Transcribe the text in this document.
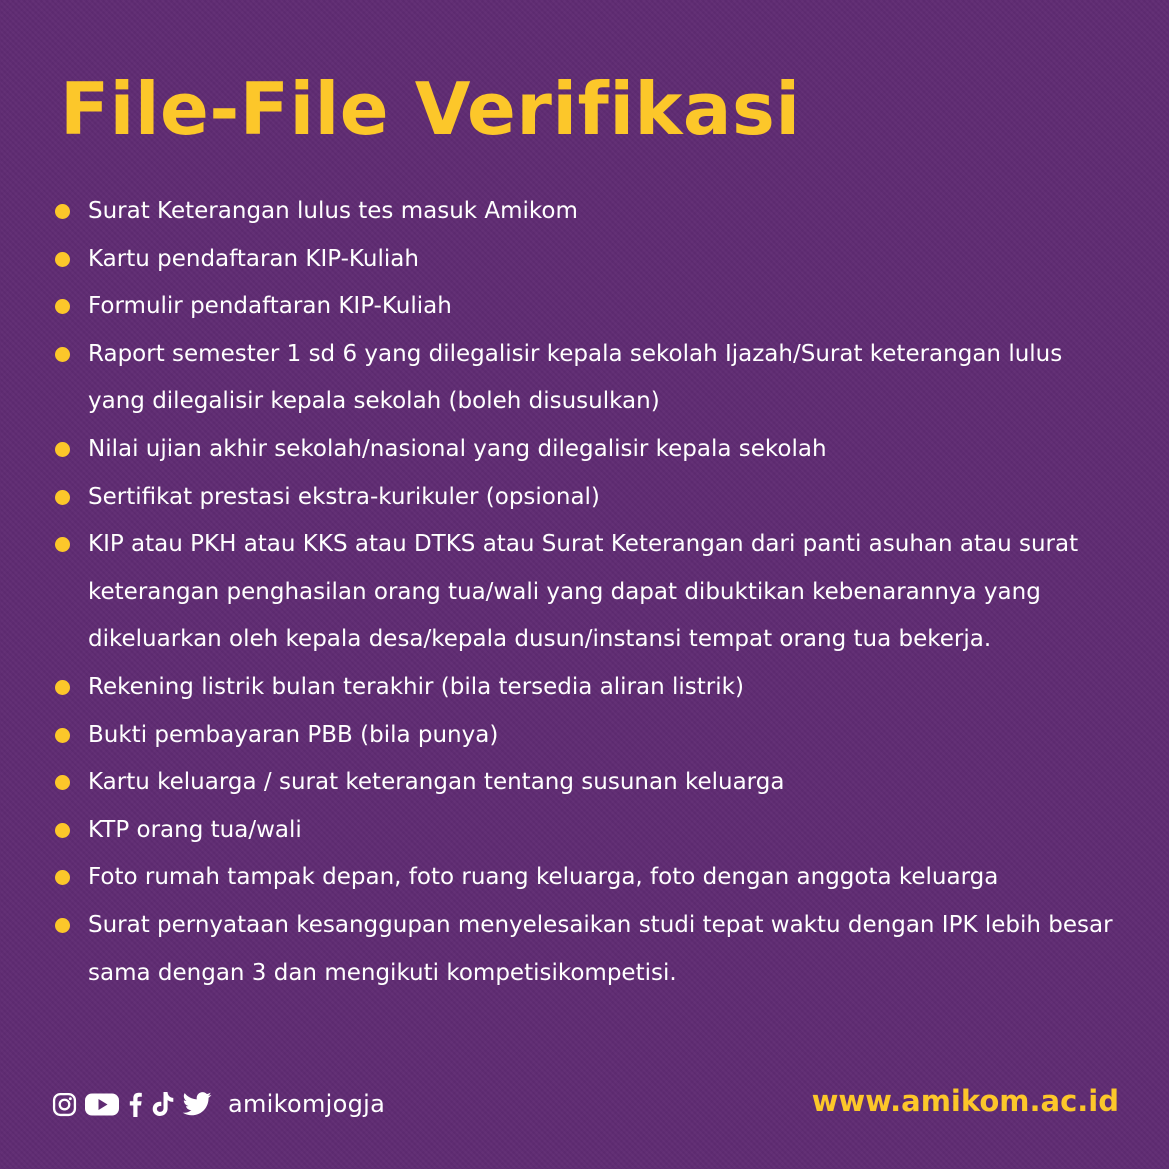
File-File Verifikasi
Surat Keterangan lulus tes masuk Amikom
Kartu pendaftaran KIP-Kuliah
Formulir pendaftaran KIP-Kuliah
Raport semester 1 sd 6 yang dilegalisir kepala sekolah Ijazah/Surat keterangan lulus yang dilegalisir kepala sekolah (boleh disusulkan)
Nilai ujian akhir sekolah/nasional yang dilegalisir kepala sekolah
Sertifikat prestasi ekstra-kurikuler (opsional)
KIP atau PKH atau KKS atau DTKS atau Surat Keterangan dari panti asuhan atau surat keterangan penghasilan orang tua/wali yang dapat dibuktikan kebenarannya yang dikeluarkan oleh kepala desa/kepala dusun/instansi tempat orang tua bekerja.
Rekening listrik bulan terakhir (bila tersedia aliran listrik)
Bukti pembayaran PBB (bila punya)
Kartu keluarga / surat keterangan tentang susunan keluarga
KTP orang tua/wali
Foto rumah tampak depan, foto ruang keluarga, foto dengan anggota keluarga
Surat pernyataan kesanggupan menyelesaikan studi tepat waktu dengan IPK lebih besar sama dengan 3 dan mengikuti kompetisikompetisi.
amikomjogja	www.amikom.ac.id
